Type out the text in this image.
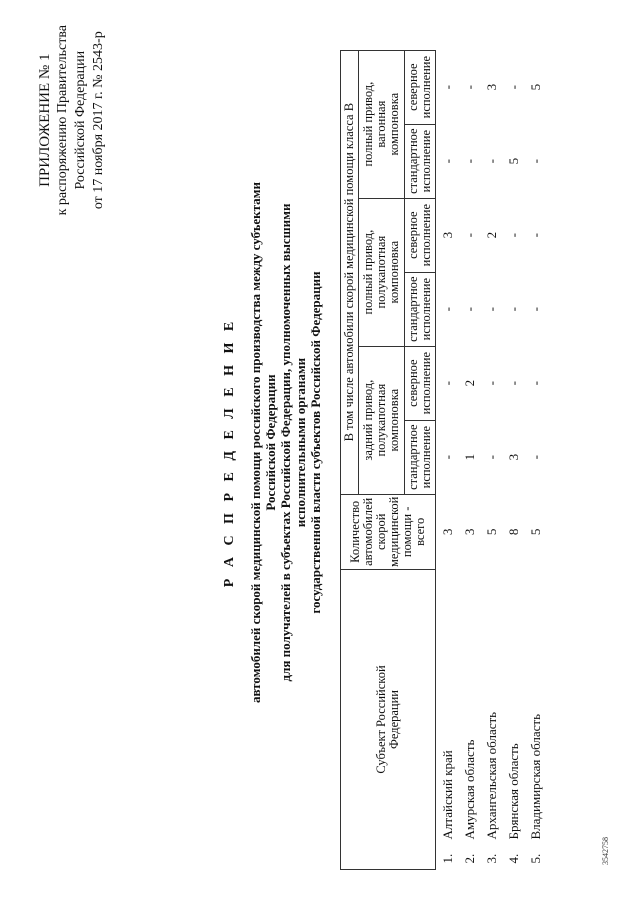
ПРИЛОЖЕНИЕ № 1 к распоряжению Правительства Российской Федерации от 17 ноября 2017 г. № 2543-р
Р А С П Р Е Д Е Л Е Н И Е автомобилей скорой медицинской помощи российского производства между субъектами Российской Федерации для получателей в субъектах Российской Федерации, уполномоченных высшими исполнительными органами государственной власти субъектов Российской Федерации
Субъект Российской Федерации		Количество автомобилей скорой медицинской помощи - всего	В том числе автомобили скорой медицинской помощи класса В					
			задний привод, полукапотная компоновка		полный привод, полукапотная компоновка		полный привод, вагонная компоновка	
			стандартное исполнение	северное исполнение	стандартное исполнение	северное исполнение	стандартное исполнение	северное исполнение
1.	Алтайский край	3	-	-	-	3	-	-
2.	Амурская область	3	1	2	-	-	-	-
3.	Архангельская область	5	-	-	-	2	-	3
4.	Брянская область	8	3	-	-	-	5	-
5.	Владимирская область	5	-	-	-	-	-	5
3542758
